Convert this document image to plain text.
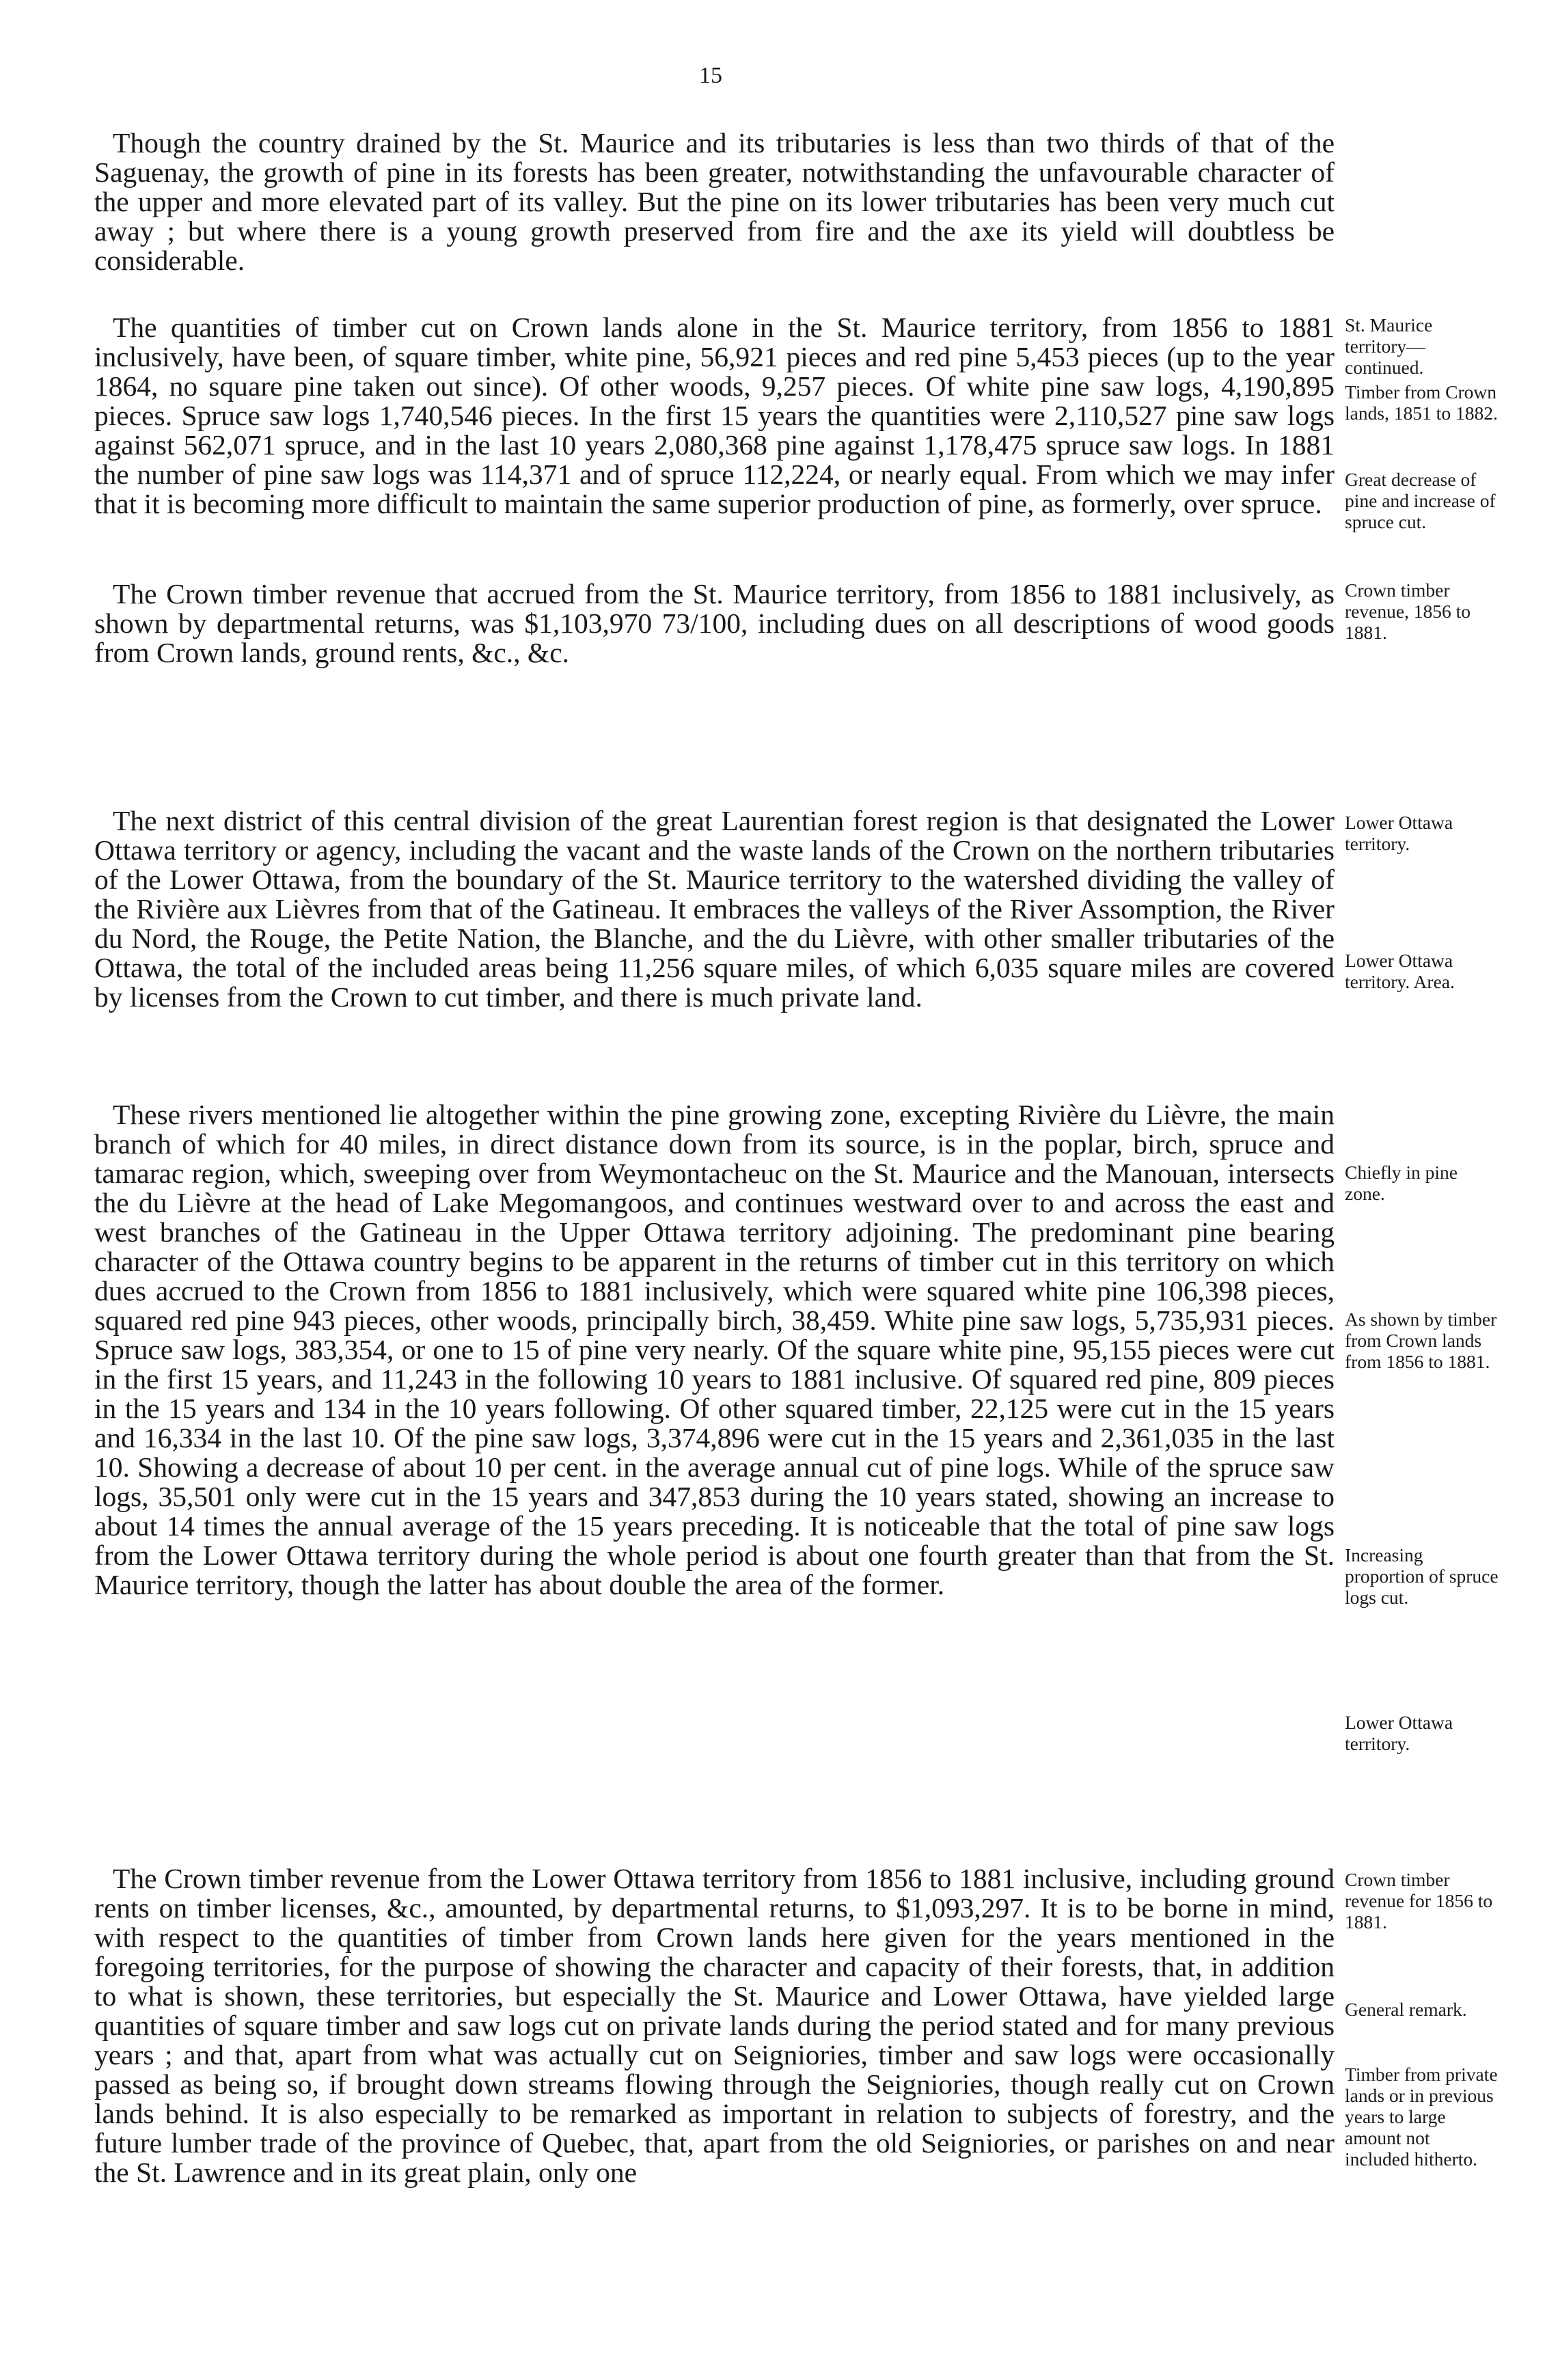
15

Though the country drained by the St. Maurice and its tributaries is less than two thirds of that of the Saguenay, the growth of pine in its forests has been greater, notwithstanding the unfavourable character of the upper and more elevated part of its valley. But the pine on its lower tributaries has been very much cut away ; but where there is a young growth preserved from fire and the axe its yield will doubtless be considerable.

The quantities of timber cut on Crown lands alone in the St. Maurice territory, from 1856 to 1881 inclusively, have been, of square timber, white pine, 56,921 pieces and red pine 5,453 pieces (up to the year 1864, no square pine taken out since). Of other woods, 9,257 pieces. Of white pine saw logs, 4,190,895 pieces. Spruce saw logs 1,740,546 pieces. In the first 15 years the quantities were 2,110,527 pine saw logs against 562,071 spruce, and in the last 10 years 2,080,368 pine against 1,178,475 spruce saw logs. In 1881 the number of pine saw logs was 114,371 and of spruce 112,224, or nearly equal. From which we may infer that it is becoming more difficult to maintain the same superior production of pine, as formerly, over spruce.

The Crown timber revenue that accrued from the St. Maurice territory, from 1856 to 1881 inclusively, as shown by departmental returns, was $1,103,970 73/100, including dues on all descriptions of wood goods from Crown lands, ground rents, &c., &c.

St. Maurice territory— continued.

Timber from Crown lands, 1851 to 1882.

Great decrease of pine and increase of spruce cut.

Crown timber revenue, 1856 to 1881.

The next district of this central division of the great Laurentian forest region is that designated the Lower Ottawa territory or agency, including the vacant and the waste lands of the Crown on the northern tributaries of the Lower Ottawa, from the boundary of the St. Maurice territory to the watershed dividing the valley of the Rivière aux Lièvres from that of the Gatineau. It embraces the valleys of the River Assomption, the River du Nord, the Rouge, the Petite Nation, the Blanche, and the du Lièvre, with other smaller tributaries of the Ottawa, the total of the included areas being 11,256 square miles, of which 6,035 square miles are covered by licenses from the Crown to cut timber, and there is much private land.

These rivers mentioned lie altogether within the pine growing zone, excepting Rivière du Lièvre, the main branch of which for 40 miles, in direct distance down from its source, is in the poplar, birch, spruce and tamarac region, which, sweeping over from Weymontacheuc on the St. Maurice and the Manouan, intersects the du Lièvre at the head of Lake Megomangoos, and continues westward over to and across the east and west branches of the Gatineau in the Upper Ottawa territory adjoining. The predominant pine bearing character of the Ottawa country begins to be apparent in the returns of timber cut in this territory on which dues accrued to the Crown from 1856 to 1881 inclusively, which were squared white pine 106,398 pieces, squared red pine 943 pieces, other woods, principally birch, 38,459. White pine saw logs, 5,735,931 pieces. Spruce saw logs, 383,354, or one to 15 of pine very nearly. Of the square white pine, 95,155 pieces were cut in the first 15 years, and 11,243 in the following 10 years to 1881 inclusive. Of squared red pine, 809 pieces in the 15 years and 134 in the 10 years following. Of other squared timber, 22,125 were cut in the 15 years and 16,334 in the last 10. Of the pine saw logs, 3,374,896 were cut in the 15 years and 2,361,035 in the last 10. Showing a decrease of about 10 per cent. in the average annual cut of pine logs. While of the spruce saw logs, 35,501 only were cut in the 15 years and 347,853 during the 10 years stated, showing an increase to about 14 times the annual average of the 15 years preceding. It is noticeable that the total of pine saw logs from the Lower Ottawa territory during the whole period is about one fourth greater than that from the St. Maurice territory, though the latter has about double the area of the former.

The Crown timber revenue from the Lower Ottawa territory from 1856 to 1881 inclusive, including ground rents on timber licenses, &c., amounted, by departmental returns, to $1,093,297. It is to be borne in mind, with respect to the quantities of timber from Crown lands here given for the years mentioned in the foregoing territories, for the purpose of showing the character and capacity of their forests, that, in addition to what is shown, these territories, but especially the St. Maurice and Lower Ottawa, have yielded large quantities of square timber and saw logs cut on private lands during the period stated and for many previous years ; and that, apart from what was actually cut on Seigniories, timber and saw logs were occasionally passed as being so, if brought down streams flowing through the Seigniories, though really cut on Crown lands behind. It is also especially to be remarked as important in relation to subjects of forestry, and the future lumber trade of the province of Quebec, that, apart from the old Seigniories, or parishes on and near the St. Lawrence and in its great plain, only one

Lower Ottawa territory.

Lower Ottawa territory. Area.

Chiefly in pine zone.

As shown by timber from Crown lands from 1856 to 1881.

Increasing proportion of spruce logs cut.

Lower Ottawa territory.

Crown timber revenue for 1856 to 1881.

General remark.

Timber from private lands or in previous years to large amount not included hitherto.
